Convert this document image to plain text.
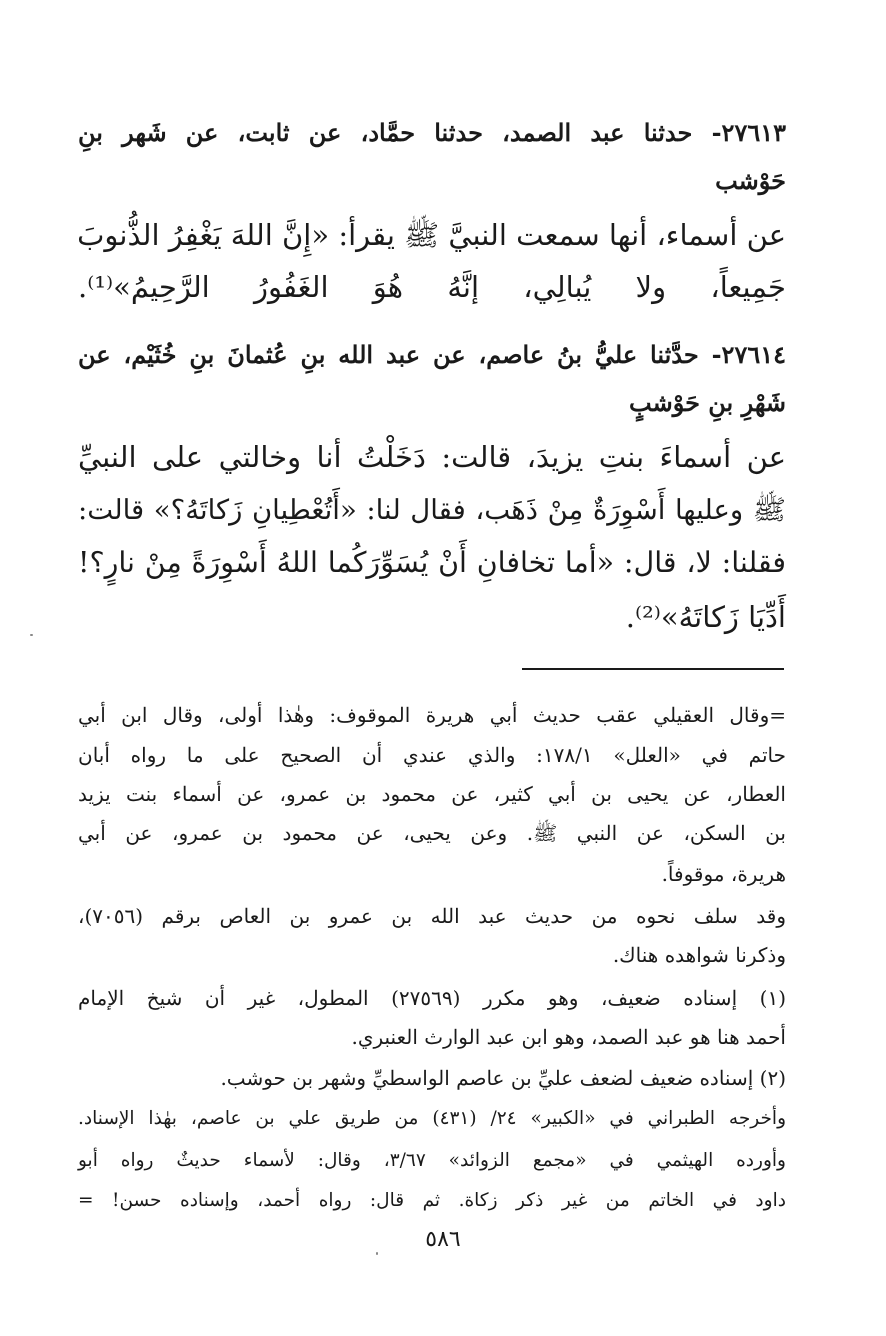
٢٧٦١٣- حدثنا عبد الصمد، حدثنا حمَّاد، عن ثابت، عن شَهر بنِ
حَوْشب
عن أسماء، أنها سمعت النبيَّ ﷺ يقرأ: «إِنَّ اللهَ يَغْفِرُ الذُّنوبَ
جَمِيعاً، ولا يُبالِي، إنَّهُ هُوَ الغَفُورُ الرَّحِيمُ»⁽¹⁾.
٢٧٦١٤- حدَّثنا عليُّ بنُ عاصم، عن عبد الله بنِ عُثمانَ بنِ خُثَيْم، عن
شَهْرِ بنِ حَوْشبٍ
عن أسماءَ بنتِ يزيدَ، قالت: دَخَلْتُ أنا وخالتي على النبيِّ
ﷺ وعليها أَسْوِرَةٌ مِنْ ذَهَب، فقال لنا: «أَتُعْطِيانِ زَكاتَهُ؟» قالت:
فقلنا: لا، قال: «أما تخافانِ أَنْ يُسَوِّرَكُما اللهُ أَسْوِرَةً مِنْ نارٍ؟!
أَدِّيَا زَكاتَهُ»⁽²⁾.
=وقال العقيلي عقب حديث أبي هريرة الموقوف: وهٰذا أولى، وقال ابن أبي
حاتم في «العلل» ١٧٨/١: والذي عندي أن الصحيح على ما رواه أبان
العطار، عن يحيى بن أبي كثير، عن محمود بن عمرو، عن أسماء بنت يزيد
بن السكن، عن النبي ﷺ. وعن يحيى، عن محمود بن عمرو، عن أبي
هريرة، موقوفاً.
وقد سلف نحوه من حديث عبد الله بن عمرو بن العاص برقم (٧٠٥٦)،
وذكرنا شواهده هناك.
(١) إسناده ضعيف، وهو مكرر (٢٧٥٦٩) المطول، غير أن شيخ الإمام
أحمد هنا هو عبد الصمد، وهو ابن عبد الوارث العنبري.
(٢) إسناده ضعيف لضعف عليِّ بن عاصم الواسطيِّ وشهر بن حوشب.
وأخرجه الطبراني في «الكبير» ٢٤/ (٤٣١) من طريق علي بن عاصم، بهٰذا الإسناد.
وأورده الهيثمي في «مجمع الزوائد» ٣/٦٧، وقال: لأسماء حديثٌ رواه أبو
داود في الخاتم من غير ذكر زكاة. ثم قال: رواه أحمد، وإسناده حسن! =
٥٨٦
